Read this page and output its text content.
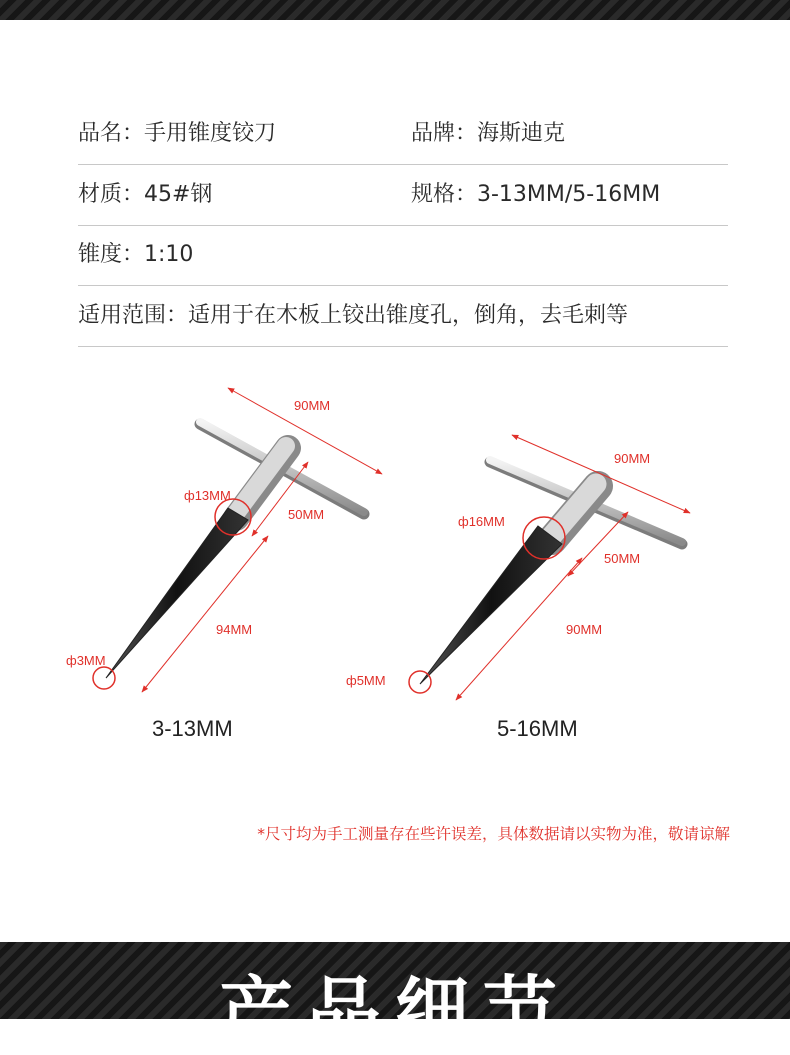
品名：手用锥度铰刀	品牌：海斯迪克
材质：45#钢	规格：3-13MM/5-16MM
锥度：1:10
适用范围：适用于在木板上铰出锥度孔，倒角，去毛刺等
90MM
50MM
94MM
ф13MM
ф3MM
90MM
50MM
90MM
ф16MM
ф5MM
3-13MM	5-16MM
*尺寸均为手工测量存在些许误差，具体数据请以实物为准，敬请谅解
产品细节
